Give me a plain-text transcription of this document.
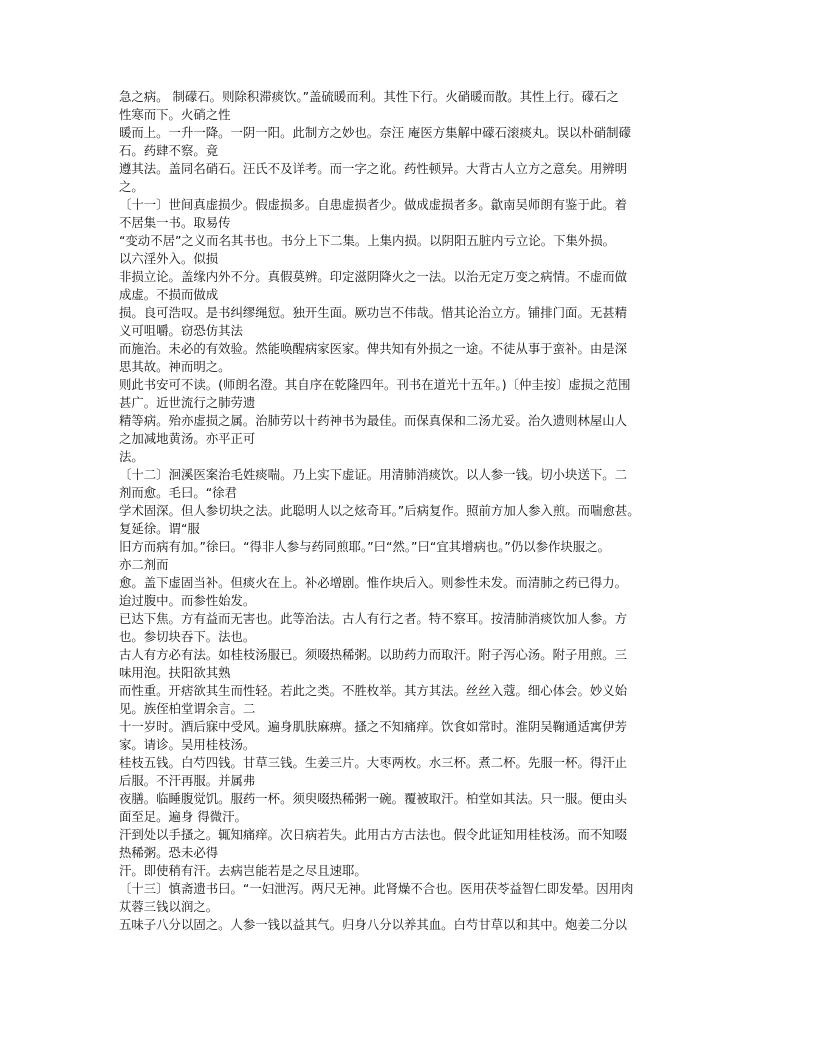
急之病。 制礞石。则除积滞痰饮。”盖硫暖而利。其性下行。火硝暖而散。其性上行。礞石之
性寒而下。火硝之性
暖而上。一升一降。一阴一阳。此制方之妙也。奈汪 庵医方集解中礞石滚痰丸。误以朴硝制礞
石。药肆不察。竟
遵其法。盖同名硝石。汪氏不及详考。而一字之讹。药性顿异。大背古人立方之意矣。用辨明
之。
〔十一〕世间真虚损少。假虚损多。自患虚损者少。做成虚损者多。歙南吴师朗有鉴于此。着
不居集一书。取易传
“变动不居”之义而名其书也。书分上下二集。上集内损。以阴阳五脏内亏立论。下集外损。
以六淫外入。似损
非损立论。盖缘内外不分。真假莫辨。印定滋阴降火之一法。以治无定万变之病情。不虚而做
成虚。不损而做成
损。良可浩叹。是书纠缪绳愆。独开生面。厥功岂不伟哉。惜其论治立方。铺排门面。无甚精
义可咀嚼。窃恐仿其法
而施治。未必的有效验。然能唤醒病家医家。俾共知有外损之一途。不徒从事于蛮补。由是深
思其故。神而明之。
则此书安可不读。(师朗名澄。其自序在乾隆四年。刊书在道光十五年。)〔仲圭按〕虚损之范围
甚广。近世流行之肺劳遗
精等病。殆亦虚损之属。治肺劳以十药神书为最佳。而保真保和二汤尤妥。治久遗则林屋山人
之加减地黄汤。亦平正可
法。
〔十二〕洄溪医案治毛姓痰喘。乃上实下虚证。用清肺消痰饮。以人参一钱。切小块送下。二
剂而愈。毛曰。“徐君
学术固深。但人参切块之法。此聪明人以之炫奇耳。”后病复作。照前方加人参入煎。而喘愈甚。
复延徐。谓“服
旧方而病有加。”徐曰。“得非人参与药同煎耶。”曰“然。”曰“宜其增病也。”仍以参作块服之。
亦二剂而
愈。盖下虚固当补。但痰火在上。补必增剧。惟作块后入。则参性未发。而清肺之药已得力。
迨过腹中。而参性始发。
已达下焦。方有益而无害也。此等治法。古人有行之者。特不察耳。按清肺消痰饮加人参。方
也。参切块吞下。法也。
古人有方必有法。如桂枝汤服已。须啜热稀粥。以助药力而取汗。附子泻心汤。附子用煎。三
味用泡。扶阳欲其熟
而性重。开痞欲其生而性轻。若此之类。不胜枚举。其方其法。丝丝入蔻。细心体会。妙义始
见。族侄柏堂谓余言。二
十一岁时。酒后寐中受风。遍身肌肤麻痹。搔之不知痛痒。饮食如常时。淮阴吴鞠通适寓伊芳
家。请诊。吴用桂枝汤。
桂枝五钱。白芍四钱。甘草三钱。生姜三片。大枣两枚。水三杯。煮二杯。先服一杯。得汗止
后服。不汗再服。并属弗
夜膳。临睡腹觉饥。服药一杯。须臾啜热稀粥一碗。覆被取汗。柏堂如其法。只一服。便由头
面至足。遍身 得微汗。
汗到处以手搔之。辄知痛痒。次日病若失。此用古方古法也。假令此证知用桂枝汤。而不知啜
热稀粥。恐未必得
汗。即使稍有汗。去病岂能若是之尽且速耶。
〔十三〕慎斋遗书曰。“一妇泄泻。两尺无神。此肾燥不合也。医用茯苓益智仁即发晕。因用肉
苁蓉三钱以润之。
五味子八分以固之。人参一钱以益其气。归身八分以养其血。白芍甘草以和其中。炮姜二分以
